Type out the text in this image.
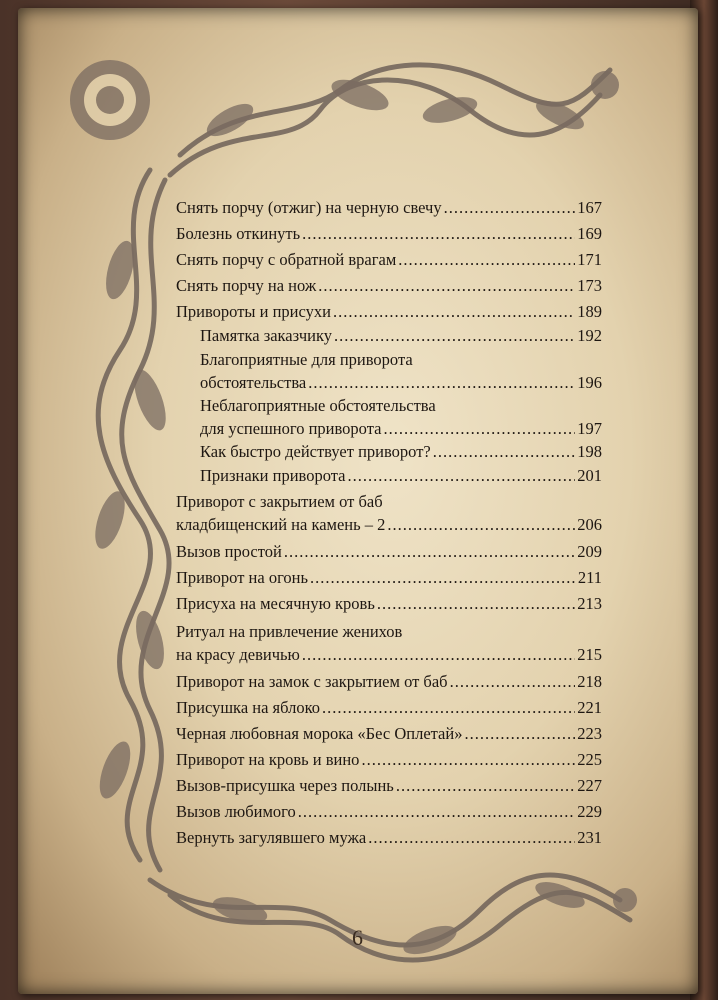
Снять порчу (отжиг) на черную свечу .....	167
Болезнь откинуть .....	169
Снять порчу с обратной врагам .....	171
Снять порчу на нож .....	173
Привороты и присухи .....	189
Памятка заказчику .....	192
Благоприятные для приворота
обстоятельства .....	196
Неблагоприятные обстоятельства
для успешного приворота .....	197
Как быстро действует приворот? .....	198
Признаки приворота .....	201
Приворот с закрытием от баб
кладбищенский на камень – 2 .....	206
Вызов простой .....	209
Приворот на огонь .....	211
Присуха на месячную кровь .....	213
Ритуал на привлечение женихов
на красу девичью .....	215
Приворот на замок с закрытием от баб .....	218
Присушка на яблоко .....	221
Черная любовная морока «Бес Оплетай» .....	223
Приворот на кровь и вино .....	225
Вызов-присушка через полынь .....	227
Вызов любимого .....	229
Вернуть загулявшего мужа .....	231
6
